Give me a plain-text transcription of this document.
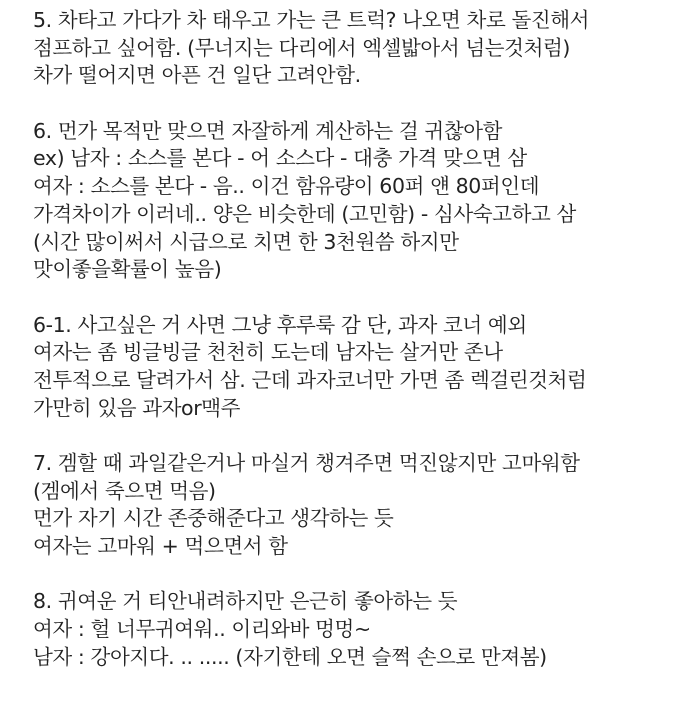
5. 차타고 가다가 차 태우고 가는 큰 트럭? 나오면 차로 돌진해서
점프하고 싶어함. (무너지는 다리에서 엑셀밟아서 넘는것처럼)
차가 떨어지면 아픈 건 일단 고려안함.
6. 먼가 목적만 맞으면 자잘하게 계산하는 걸 귀찮아함
ex) 남자 : 소스를 본다 - 어 소스다 - 대충 가격 맞으면 삼
여자 : 소스를 본다 - 음.. 이건 함유량이 60퍼 얜 80퍼인데
가격차이가 이러네.. 양은 비슷한데 (고민함) - 심사숙고하고 삼
(시간 많이써서 시급으로 치면 한 3천원씀 하지만
맛이좋을확률이 높음)
6-1. 사고싶은 거 사면 그냥 후루룩 감 단, 과자 코너 예외
여자는 좀 빙글빙글 천천히 도는데 남자는 살거만 존나
전투적으로 달려가서 삼. 근데 과자코너만 가면 좀 렉걸린것처럼
가만히 있음 과자or맥주
7. 겜할 때 과일같은거나 마실거 챙겨주면 먹진않지만 고마워함
(겜에서 죽으면 먹음)
먼가 자기 시간 존중해준다고 생각하는 듯
여자는 고마워 + 먹으면서 함
8. 귀여운 거 티안내려하지만 은근히 좋아하는 듯
여자 : 헐 너무귀여워.. 이리와바 멍멍~
남자 : 강아지다. .. ..... (자기한테 오면 슬쩍 손으로 만져봄)
